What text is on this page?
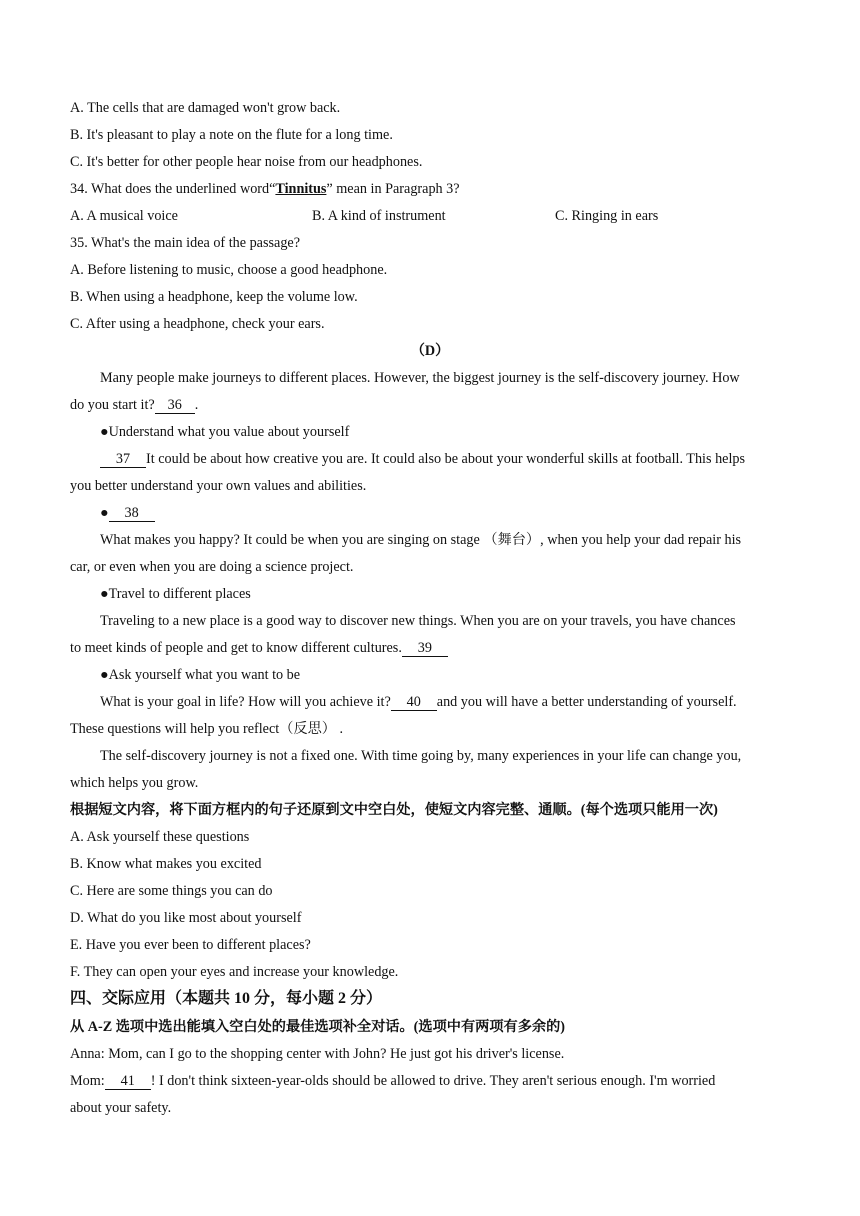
A. The cells that are damaged won't grow back.
B. It's pleasant to play a note on the flute for a long time.
C. It's better for other people hear noise from our headphones.
34. What does the underlined word“Tinnitus” mean in Paragraph 3?
A. A musical voice	B. A kind of instrument	C. Ringing in ears
35. What's the main idea of the passage?
A. Before listening to music, choose a good headphone.
B. When using a headphone, keep the volume low.
C. After using a headphone, check your ears.
（D）
Many people make journeys to different places. However, the biggest journey is the self-discovery journey. How
do you start it? 36 .
●Understand what you value about yourself
37 It could be about how creative you are. It could also be about your wonderful skills at football. This helps
you better understand your own values and abilities.
● 38
What makes you happy? It could be when you are singing on stage （舞台）, when you help your dad repair his
car, or even when you are doing a science project.
●Travel to different places
Traveling to a new place is a good way to discover new things. When you are on your travels, you have chances
to meet kinds of people and get to know different cultures. 39
●Ask yourself what you want to be
What is your goal in life? How will you achieve it? 40 and you will have a better understanding of yourself.
These questions will help you reflect（反思） .
The self-discovery journey is not a fixed one. With time going by, many experiences in your life can change you,
which helps you grow.
根据短文内容，将下面方框内的句子还原到文中空白处，使短文内容完整、通顺。(每个选项只能用一次)
A. Ask yourself these questions
B. Know what makes you excited
C. Here are some things you can do
D. What do you like most about yourself
E. Have you ever been to different places?
F. They can open your eyes and increase your knowledge.
四、交际应用（本题共 10 分，每小题 2 分）
从 A-Z 选项中选出能填入空白处的最佳选项补全对话。(选项中有两项有多余的)
Anna: Mom, can I go to the shopping center with John? He just got his driver's license.
Mom: 41 ! I don't think sixteen-year-olds should be allowed to drive. They aren't serious enough. I'm worried
about your safety.
